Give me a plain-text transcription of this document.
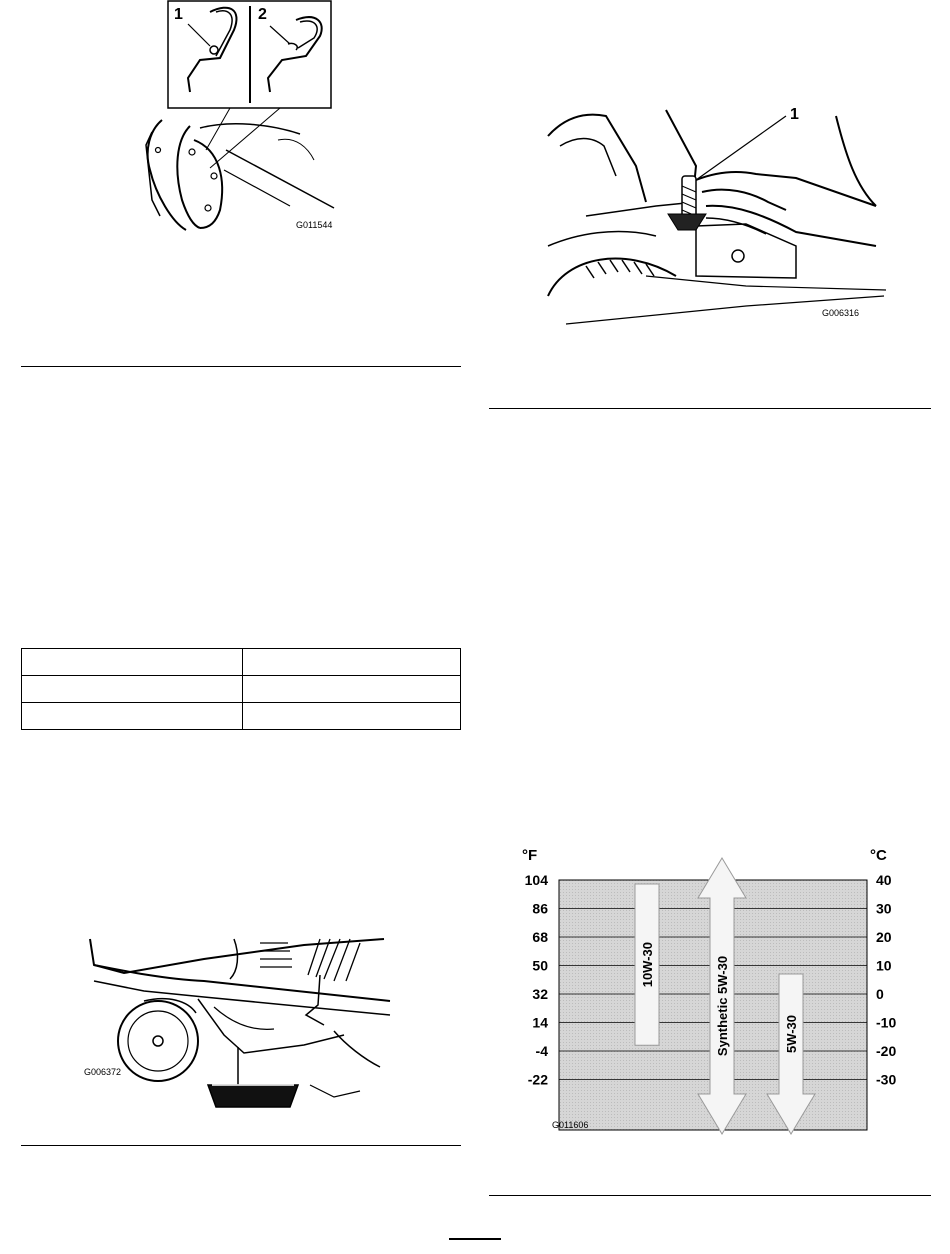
1	2
G011544

G006372
1
G006316
°F	°C
104
86
68
50
32
14
-4
-22
40
30
20
10
0
-10
-20
-30
10W-30	Synthetic 5W-30	5W-30
G011606
